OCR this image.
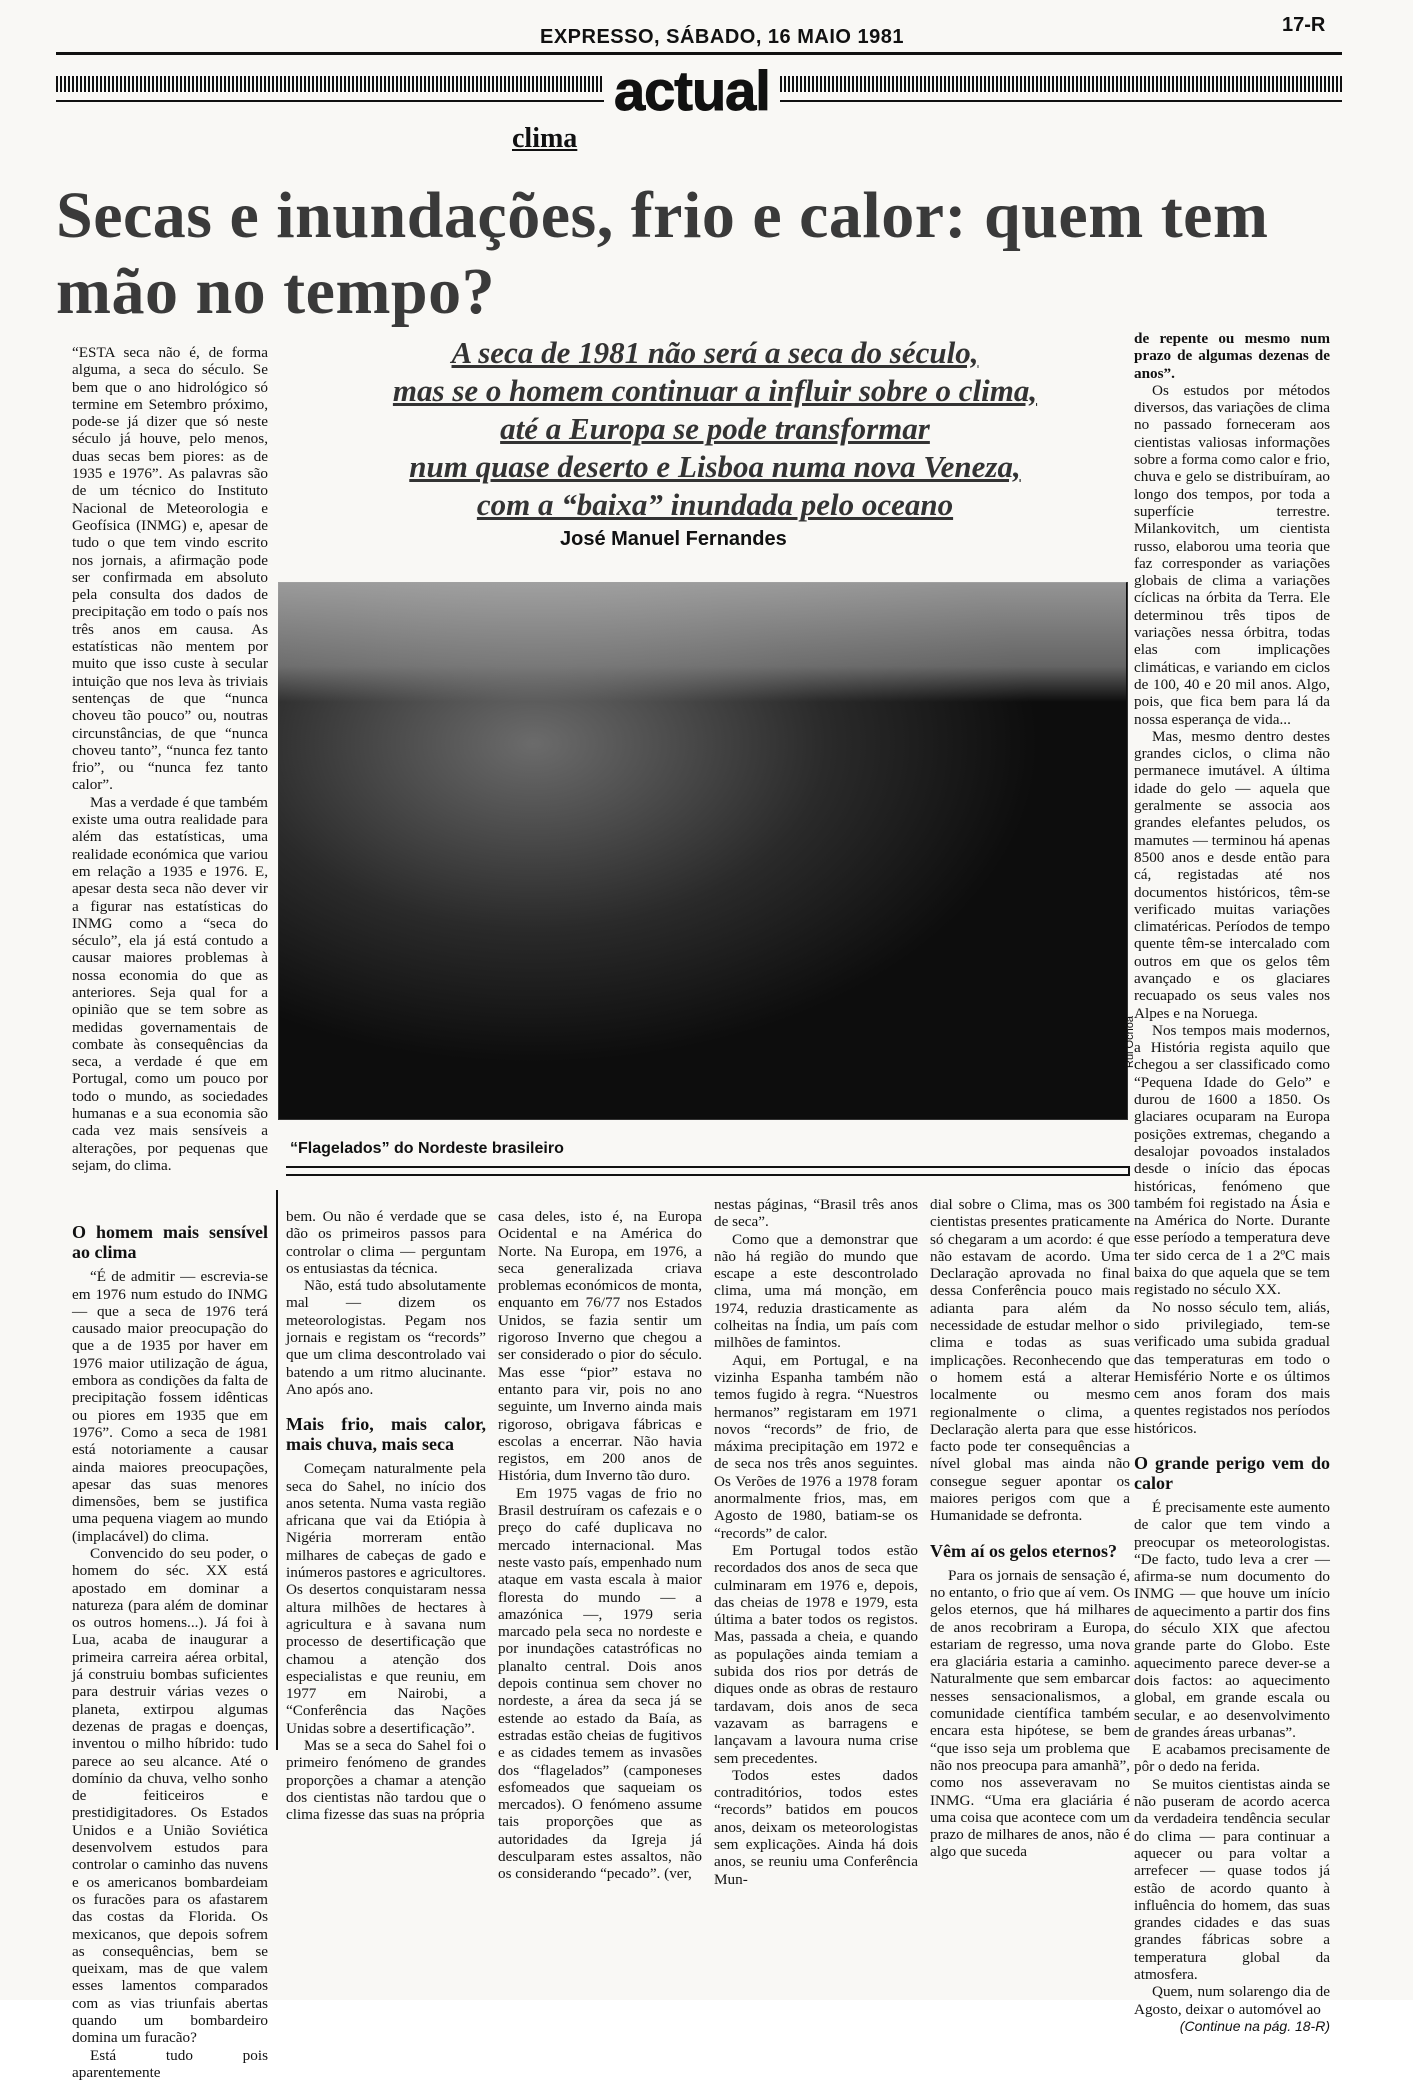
EXPRESSO, SÁBADO, 16 MAIO 1981
17-R
actual
clima
Secas e inundações, frio e calor: quem tem mão no tempo?
A seca de 1981 não será a seca do século,
mas se o homem continuar a influir sobre o clima,
até a Europa se pode transformar
num quase deserto e Lisboa numa nova Veneza,
com a “baixa” inundada pelo oceano
José Manuel Fernandes
Rui Ochôa
“Flagelados” do Nordeste brasileiro

“ESTA seca não é, de forma alguma, a seca do século. Se bem que o ano hidrológico só termine em Setembro próximo, pode-se já dizer que só neste século já houve, pelo menos, duas secas bem piores: as de 1935 e 1976”. As palavras são de um técnico do Instituto Nacional de Meteorologia e Geofísica (INMG) e, apesar de tudo o que tem vindo escrito nos jornais, a afirmação pode ser confirmada em absoluto pela consulta dos dados de precipitação em todo o país nos três anos em causa. As estatísticas não mentem por muito que isso custe à secular intuição que nos leva às triviais sentenças de que “nunca choveu tão pouco” ou, noutras circunstâncias, de que “nunca choveu tanto”, “nunca fez tanto frio”, ou “nunca fez tanto calor”.

Mas a verdade é que também existe uma outra realidade para além das estatísticas, uma realidade económica que variou em relação a 1935 e 1976. E, apesar desta seca não dever vir a figurar nas estatísticas do INMG como a “seca do século”, ela já está contudo a causar maiores problemas à nossa economia do que as anteriores. Seja qual for a opinião que se tem sobre as medidas governamentais de combate às consequências da seca, a verdade é que em Portugal, como um pouco por todo o mundo, as sociedades humanas e a sua economia são cada vez mais sensíveis a alterações, por pequenas que sejam, do clima.

O homem mais sensível ao clima

“É de admitir — escrevia-se em 1976 num estudo do INMG — que a seca de 1976 terá causado maior preocupação do que a de 1935 por haver em 1976 maior utilização de água, embora as condições da falta de precipitação fossem idênticas ou piores em 1935 que em 1976”. Como a seca de 1981 está notoriamente a causar ainda maiores preocupações, apesar das suas menores dimensões, bem se justifica uma pequena viagem ao mundo (implacável) do clima.

Convencido do seu poder, o homem do séc. XX está apostado em dominar a natureza (para além de dominar os outros homens...). Já foi à Lua, acaba de inaugurar a primeira carreira aérea orbital, já construiu bombas suficientes para destruir várias vezes o planeta, extirpou algumas dezenas de pragas e doenças, inventou o milho híbrido: tudo parece ao seu alcance. Até o domínio da chuva, velho sonho de feiticeiros e prestidigitadores. Os Estados Unidos e a União Soviética desenvolvem estudos para controlar o caminho das nuvens e os americanos bombardeiam os furacões para os afastarem das costas da Florida. Os mexicanos, que depois sofrem as consequências, bem se queixam, mas de que valem esses lamentos comparados com as vias triunfais abertas quando um bombardeiro domina um furacão?

Está tudo pois aparentemente

bem. Ou não é verdade que se dão os primeiros passos para controlar o clima — perguntam os entusiastas da técnica.

Não, está tudo absolutamente mal — dizem os meteorologistas. Pegam nos jornais e registam os “records” que um clima descontrolado vai batendo a um ritmo alucinante. Ano após ano.

Mais frio, mais calor, mais chuva, mais seca

Começam naturalmente pela seca do Sahel, no início dos anos setenta. Numa vasta região africana que vai da Etiópia à Nigéria morreram então milhares de cabeças de gado e inúmeros pastores e agricultores. Os desertos conquistaram nessa altura milhões de hectares à agricultura e à savana num processo de desertificação que chamou a atenção dos especialistas e que reuniu, em 1977 em Nairobi, a “Conferência das Nações Unidas sobre a desertificação”.

Mas se a seca do Sahel foi o primeiro fenómeno de grandes proporções a chamar a atenção dos cientistas não tardou que o clima fizesse das suas na própria

casa deles, isto é, na Europa Ocidental e na América do Norte. Na Europa, em 1976, a seca generalizada criava problemas económicos de monta, enquanto em 76/77 nos Estados Unidos, se fazia sentir um rigoroso Inverno que chegou a ser considerado o pior do século. Mas esse “pior” estava no entanto para vir, pois no ano seguinte, um Inverno ainda mais rigoroso, obrigava fábricas e escolas a encerrar. Não havia registos, em 200 anos de História, dum Inverno tão duro.

Em 1975 vagas de frio no Brasil destruíram os cafezais e o preço do café duplicava no mercado internacional. Mas neste vasto país, empenhado num ataque em vasta escala à maior floresta do mundo — a amazónica —, 1979 seria marcado pela seca no nordeste e por inundações catastróficas no planalto central. Dois anos depois continua sem chover no nordeste, a área da seca já se estende ao estado da Baía, as estradas estão cheias de fugitivos e as cidades temem as invasões dos “flagelados” (camponeses esfomeados que saqueiam os mercados). O fenómeno assume tais proporções que as autoridades da Igreja já desculparam estes assaltos, não os considerando “pecado”. (ver,

nestas páginas, “Brasil três anos de seca”.

Como que a demonstrar que não há região do mundo que escape a este descontrolado clima, uma má monção, em 1974, reduzia drasticamente as colheitas na Índia, um país com milhões de famintos.

Aqui, em Portugal, e na vizinha Espanha também não temos fugido à regra. “Nuestros hermanos” registaram em 1971 novos “records” de frio, de máxima precipitação em 1972 e de seca nos três anos seguintes. Os Verões de 1976 a 1978 foram anormalmente frios, mas, em Agosto de 1980, batiam-se os “records” de calor.

Em Portugal todos estão recordados dos anos de seca que culminaram em 1976 e, depois, das cheias de 1978 e 1979, esta última a bater todos os registos. Mas, passada a cheia, e quando as populações ainda temiam a subida dos rios por detrás de diques onde as obras de restauro tardavam, dois anos de seca vazavam as barragens e lançavam a lavoura numa crise sem precedentes.

Todos estes dados contraditórios, todos estes “records” batidos em poucos anos, deixam os meteorologistas sem explicações. Ainda há dois anos, se reuniu uma Conferência Mun-

dial sobre o Clima, mas os 300 cientistas presentes praticamente só chegaram a um acordo: é que não estavam de acordo. Uma Declaração aprovada no final dessa Conferência pouco mais adianta para além da necessidade de estudar melhor o clima e todas as suas implicações. Reconhecendo que o homem está a alterar localmente ou mesmo regionalmente o clima, a Declaração alerta para que esse facto pode ter consequências a nível global mas ainda não consegue seguer apontar os maiores perigos com que a Humanidade se defronta.

Vêm aí os gelos eternos?

Para os jornais de sensação é, no entanto, o frio que aí vem. Os gelos eternos, que há milhares de anos recobriram a Europa, estariam de regresso, uma nova era glaciária estaria a caminho. Naturalmente que sem embarcar nesses sensacionalismos, a comunidade científica também encara esta hipótese, se bem “que isso seja um problema que não nos preocupa para amanhã”, como nos asseveravam no INMG. “Uma era glaciária é uma coisa que acontece com um prazo de milhares de anos, não é algo que suceda

de repente ou mesmo num prazo de algumas dezenas de anos”.

Os estudos por métodos diversos, das variações de clima no passado forneceram aos cientistas valiosas informações sobre a forma como calor e frio, chuva e gelo se distribuíram, ao longo dos tempos, por toda a superfície terrestre. Milankovitch, um cientista russo, elaborou uma teoria que faz corresponder as variações globais de clima a variações cíclicas na órbita da Terra. Ele determinou três tipos de variações nessa órbitra, todas elas com implicações climáticas, e variando em ciclos de 100, 40 e 20 mil anos. Algo, pois, que fica bem para lá da nossa esperança de vida...

Mas, mesmo dentro destes grandes ciclos, o clima não permanece imutável. A última idade do gelo — aquela que geralmente se associa aos grandes elefantes peludos, os mamutes — terminou há apenas 8500 anos e desde então para cá, registadas até nos documentos históricos, têm-se verificado muitas variações climatéricas. Períodos de tempo quente têm-se intercalado com outros em que os gelos têm avançado e os glaciares recuapado os seus vales nos Alpes e na Noruega.

Nos tempos mais modernos, a História regista aquilo que chegou a ser classificado como “Pequena Idade do Gelo” e durou de 1600 a 1850. Os glaciares ocuparam na Europa posições extremas, chegando a desalojar povoados instalados desde o início das épocas históricas, fenómeno que também foi registado na Ásia e na América do Norte. Durante esse período a temperatura deve ter sido cerca de 1 a 2ºC mais baixa do que aquela que se tem registado no século XX.

No nosso século tem, aliás, sido privilegiado, tem-se verificado uma subida gradual das temperaturas em todo o Hemisfério Norte e os últimos cem anos foram dos mais quentes registados nos períodos históricos.

O grande perigo vem do calor

É precisamente este aumento de calor que tem vindo a preocupar os meteorologistas. “De facto, tudo leva a crer — afirma-se num documento do INMG — que houve um início de aquecimento a partir dos fins do século XIX que afectou grande parte do Globo. Este aquecimento parece dever-se a dois factos: ao aquecimento global, em grande escala ou secular, e ao desenvolvimento de grandes áreas urbanas”.

E acabamos precisamente de pôr o dedo na ferida.

Se muitos cientistas ainda se não puseram de acordo acerca da verdadeira tendência secular do clima — para continuar a aquecer ou para voltar a arrefecer — quase todos já estão de acordo quanto à influência do homem, das suas grandes cidades e das suas grandes fábricas sobre a temperatura global da atmosfera.

Quem, num solarengo dia de Agosto, deixar o automóvel ao

(Continue na pág. 18-R)
